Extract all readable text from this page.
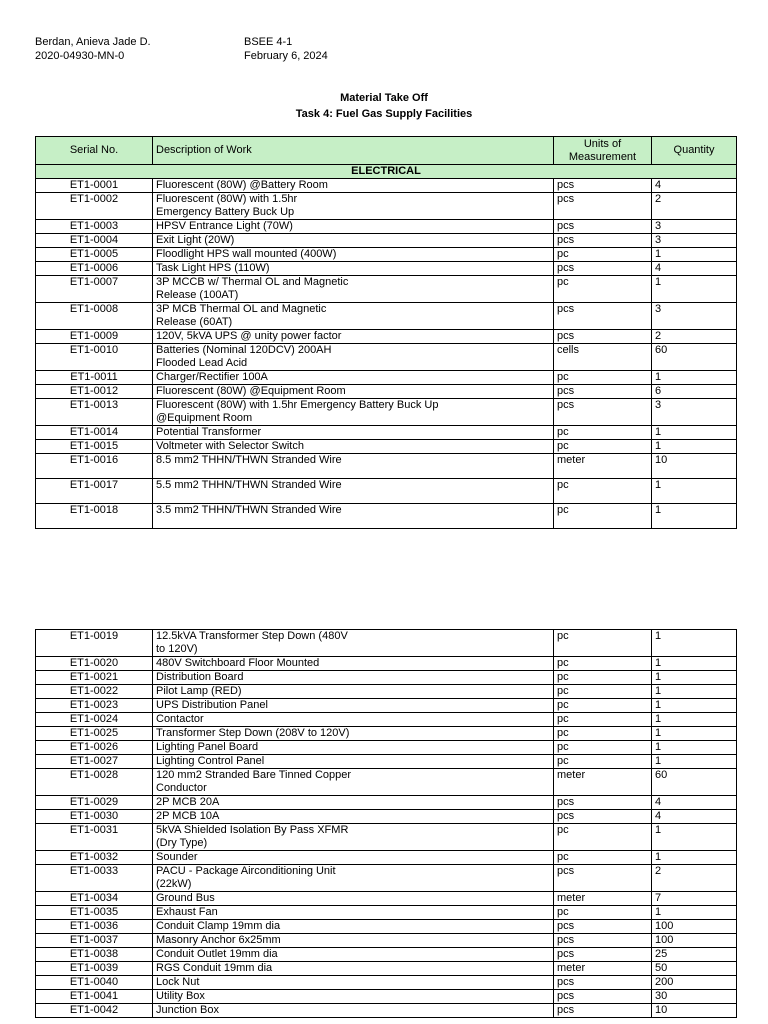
Berdan, Anieva Jade D.
2020-04930-MN-0
BSEE 4-1
February 6, 2024
Material Take Off
Task 4: Fuel Gas Supply Facilities
Serial No.	Description of Work	Units of Measurement	Quantity
ELECTRICAL			
ET1-0001	Fluorescent (80W) @Battery Room	pcs	4
ET1-0002	Fluorescent (80W) with 1.5hr
Emergency Battery Buck Up	pcs	2
ET1-0003	HPSV Entrance Light (70W)	pcs	3
ET1-0004	Exit Light (20W)	pcs	3
ET1-0005	Floodlight HPS wall mounted (400W)	pc	1
ET1-0006	Task Light HPS (110W)	pcs	4
ET1-0007	3P MCCB w/ Thermal OL and Magnetic
Release (100AT)	pc	1
ET1-0008	3P MCB Thermal OL and Magnetic
Release (60AT)	pcs	3
ET1-0009	120V, 5kVA UPS @ unity power factor	pcs	2
ET1-0010	Batteries (Nominal 120DCV) 200AH
Flooded Lead Acid	cells	60
ET1-0011	Charger/Rectifier 100A	pc	1
ET1-0012	Fluorescent (80W) @Equipment Room	pcs	6
ET1-0013	Fluorescent (80W) with 1.5hr Emergency Battery Buck Up
@Equipment Room	pcs	3
ET1-0014	Potential Transformer	pc	1
ET1-0015	Voltmeter with Selector Switch	pc	1
ET1-0016	8.5 mm2 THHN/THWN Stranded Wire	meter	10
ET1-0017	5.5 mm2 THHN/THWN Stranded Wire	pc	1
ET1-0018	3.5 mm2 THHN/THWN Stranded Wire	pc	1
ET1-0019	12.5kVA Transformer Step Down (480V
to 120V)	pc	1
ET1-0020	480V Switchboard Floor Mounted	pc	1
ET1-0021	Distribution Board	pc	1
ET1-0022	Pilot Lamp (RED)	pc	1
ET1-0023	UPS Distribution Panel	pc	1
ET1-0024	Contactor	pc	1
ET1-0025	Transformer Step Down (208V to 120V)	pc	1
ET1-0026	Lighting Panel Board	pc	1
ET1-0027	Lighting Control Panel	pc	1
ET1-0028	120 mm2 Stranded Bare Tinned Copper
Conductor	meter	60
ET1-0029	2P MCB 20A	pcs	4
ET1-0030	2P MCB 10A	pcs	4
ET1-0031	5kVA Shielded Isolation By Pass XFMR
(Dry Type)	pc	1
ET1-0032	Sounder	pc	1
ET1-0033	PACU - Package Airconditioning Unit
(22kW)	pcs	2
ET1-0034	Ground Bus	meter	7
ET1-0035	Exhaust Fan	pc	1
ET1-0036	Conduit Clamp 19mm dia	pcs	100
ET1-0037	Masonry Anchor 6x25mm	pcs	100
ET1-0038	Conduit Outlet 19mm dia	pcs	25
ET1-0039	RGS Conduit 19mm dia	meter	50
ET1-0040	Lock Nut	pcs	200
ET1-0041	Utility Box	pcs	30
ET1-0042	Junction Box	pcs	10
